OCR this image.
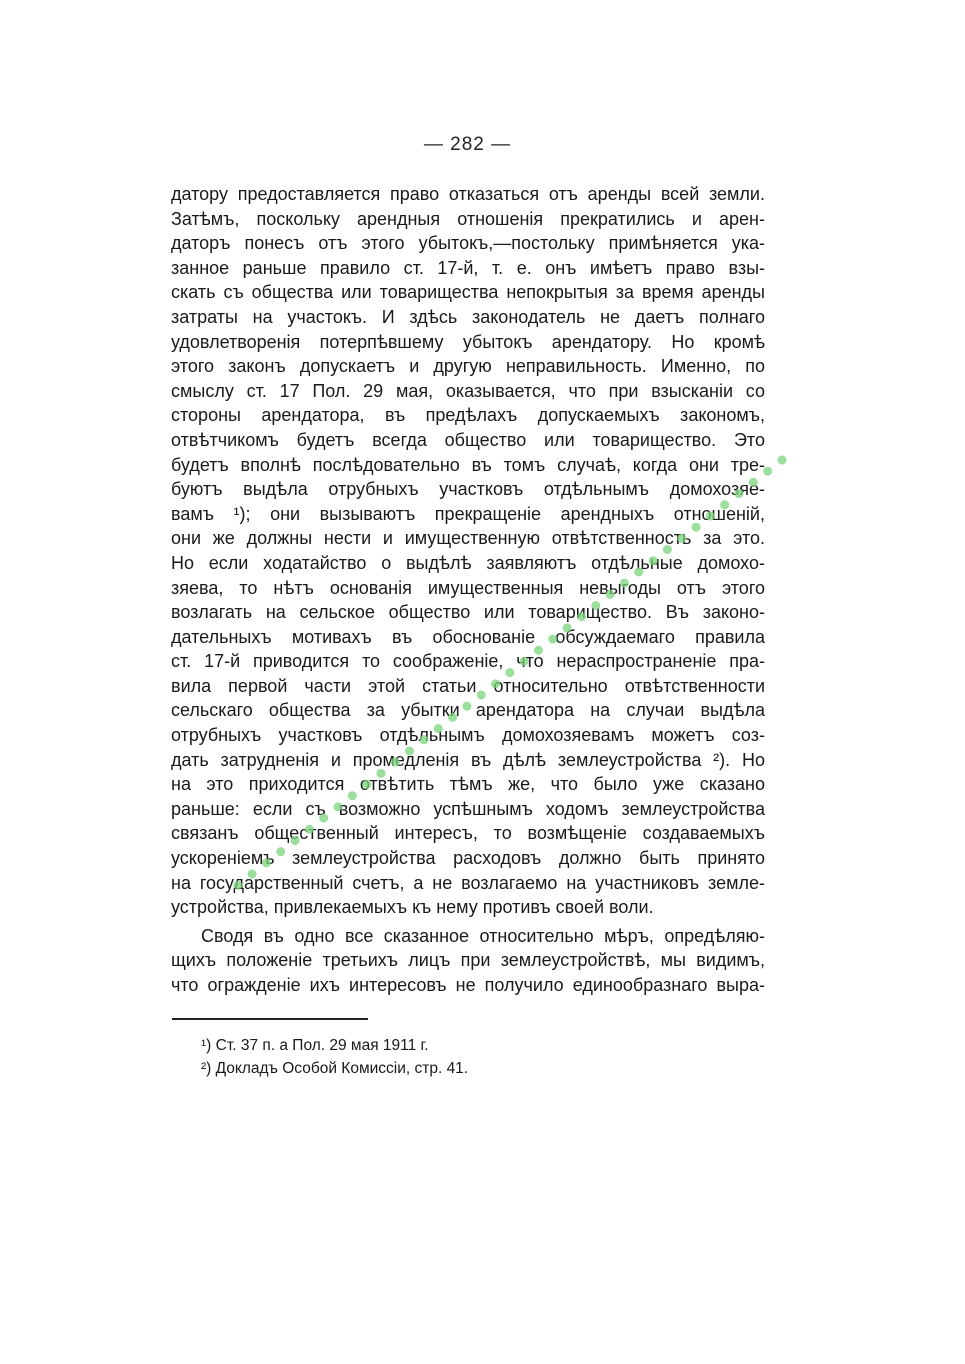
— 282 —
датору предоставляется право отказаться отъ аренды всей земли.
Затѣмъ, поскольку арендныя отношенія прекратились и арен-
даторъ понесъ отъ этого убытокъ,—постольку примѣняется ука-
занное раньше правило ст. 17-й, т. е. онъ имѣетъ право взы-
скать съ общества или товарищества непокрытыя за время аренды
затраты на участокъ. И здѣсь законодатель не даетъ полнаго
удовлетворенія потерпѣвшему убытокъ арендатору. Но кромѣ
этого законъ допускаетъ и другую неправильность. Именно, по
смыслу ст. 17 Пол. 29 мая, оказывается, что при взысканіи со
стороны арендатора, въ предѣлахъ допускаемыхъ закономъ,
отвѣтчикомъ будетъ всегда общество или товарищество. Это
будетъ вполнѣ послѣдовательно въ томъ случаѣ, когда они тре-
буютъ выдѣла отрубныхъ участковъ отдѣльнымъ домохозяе-
вамъ ¹); они вызываютъ прекращеніе арендныхъ отношеній,
они же должны нести и имущественную отвѣтственность за это.
Но если ходатайство о выдѣлѣ заявляютъ отдѣльные домохо-
зяева, то нѣтъ основанія имущественныя невыгоды отъ этого
возлагать на сельское общество или товарищество. Въ законо-
дательныхъ мотивахъ въ обоснованіе обсуждаемаго правила
ст. 17-й приводится то соображеніе, что нераспространеніе пра-
вила первой части этой статьи относительно отвѣтственности
сельскаго общества за убытки арендатора на случаи выдѣла
отрубныхъ участковъ отдѣльнымъ домохозяевамъ можетъ соз-
дать затрудненія и промедленія въ дѣлѣ землеустройства ²). Но
на это приходится отвѣтить тѣмъ же, что было уже сказано
раньше: если съ возможно успѣшнымъ ходомъ землеустройства
связанъ общественный интересъ, то возмѣщеніе создаваемыхъ
ускореніемъ землеустройства расходовъ должно быть принято
на государственный счетъ, а не возлагаемо на участниковъ земле-
устройства, привлекаемыхъ къ нему противъ своей воли.
Сводя въ одно все сказанное относительно мѣръ, опредѣляю-
щихъ положеніе третьихъ лицъ при землеустройствѣ, мы видимъ,
что огражденіе ихъ интересовъ не получило единообразнаго выра-
¹) Ст. 37 п. а Пол. 29 мая 1911 г.
²) Докладъ Особой Комиссіи, стр. 41.
